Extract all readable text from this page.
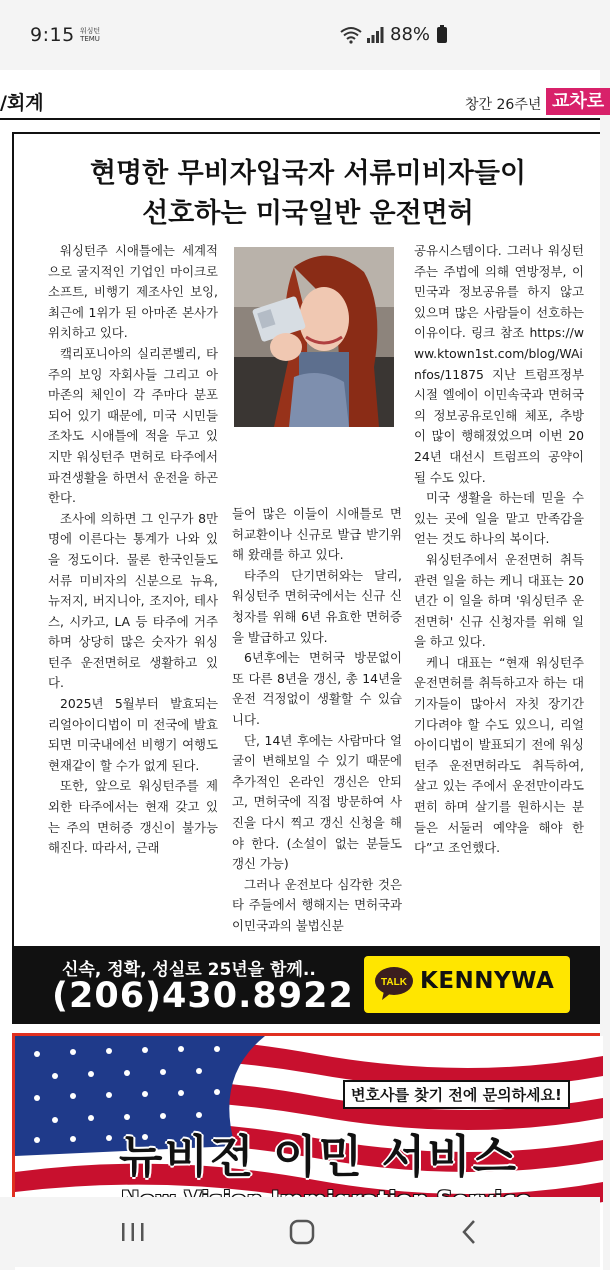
9:15 워싱턴
TEMU	88%
/회계	창간 26주년 교차로
현명한 무비자입국자 서류미비자들이
선호하는 미국일반 운전면허

워싱턴주 시애틀에는 세계적으로 굴지적인 기업인 마이크로 소프트, 비행기 제조사인 보잉, 최근에 1위가 된 아마존 본사가 위치하고 있다.

캨리포니아의 실리콘벨리, 타주의 보잉 자회사들 그리고 아마존의 체인이 각 주마다 분포되어 있기 때문에, 미국 시민들조차도 시애틀에 적을 두고 있지만 워싱턴주 면허로 타주에서 파견생활을 하면서 운전을 하곤 한다.

조사에 의하면 그 인구가 8만명에 이른다는 통계가 나와 있을 정도이다. 물론 한국인들도 서류 미비자의 신분으로 뉴욕, 뉴저지, 버지니아, 조지아, 테사스, 시카고, LA 등 타주에 거주하며 상당히 많은 숫자가 워싱턴주 운전면허로 생활하고 있다.

2025년 5월부터 발효되는 리얼아이디법이 미 전국에 발효되면 미국내에선 비행기 여행도 현재같이 할 수가 없게 된다.

또한, 앞으로 워싱턴주를 제외한 타주에서는 현재 갖고 있는 주의 면허증 갱신이 불가능해진다. 따라서, 근래

들어 많은 이들이 시애틀로 면허교환이나 신규로 발급 받기위해 왔래를 하고 있다.

타주의 단기면허와는 달리, 워싱턴주 면허국에서는 신규 신청자를 위해 6년 유효한 면허증을 발급하고 있다.

6년후에는 면허국 방문없이 또 다른 8년을 갱신, 총 14년을 운전 걱정없이 생활할 수 있습니다.

단, 14년 후에는 사람마다 얼굴이 변해보일 수 있기 때문에 추가적인 온라인 갱신은 안되고, 면허국에 직접 방문하여 사진을 다시 찍고 갱신 신청을 해야 한다. (소설이 없는 분들도 갱신 가능)

그러나 운전보다 심각한 것은 타 주들에서 행해지는 면허국과 이민국과의 불법신분

공유시스템이다. 그러나 워싱턴주는 주법에 의해 연방정부, 이민국과 정보공유를 하지 않고 있으며 많은 사람들이 선호하는 이유이다. 링크 참조 https://www.ktown1st.com/blog/WAinfos/11875 지난 트럼프정부 시절 엘에이 이민속국과 면허국의 정보공유로인해 체포, 추방이 많이 행해졌었으며 이번 2024년 대선시 트럼프의 공약이 될 수도 있다.

미국 생활을 하는데 믿을 수 있는 곳에 일을 맡고 만족감을 얻는 것도 하나의 복이다.

워싱턴주에서 운전면허 취득관련 일을 하는 케니 대표는 20년간 이 일을 하며 '워싱턴주 운전면허' 신규 신청자를 위해 일을 하고 있다.

케니 대표는 “현재 워싱턴주 운전면허를 취득하고자 하는 대기자들이 많아서 자칫 장기간 기다려야 할 수도 있으니, 리얼아이디법이 발표되기 전에 워싱턴주 운전면허라도 취득하여, 살고 있는 주에서 운전만이라도 편히 하며 살기를 원하시는 분들은 서둘러 예약을 해야 한다”고 조언했다.

신속, 정확, 성실로 25년을 함께..
(206)430.8922	TALK KENNYWA
변호사를 찾기 전에 문의하세요!
뉴비전 이민 서비스
